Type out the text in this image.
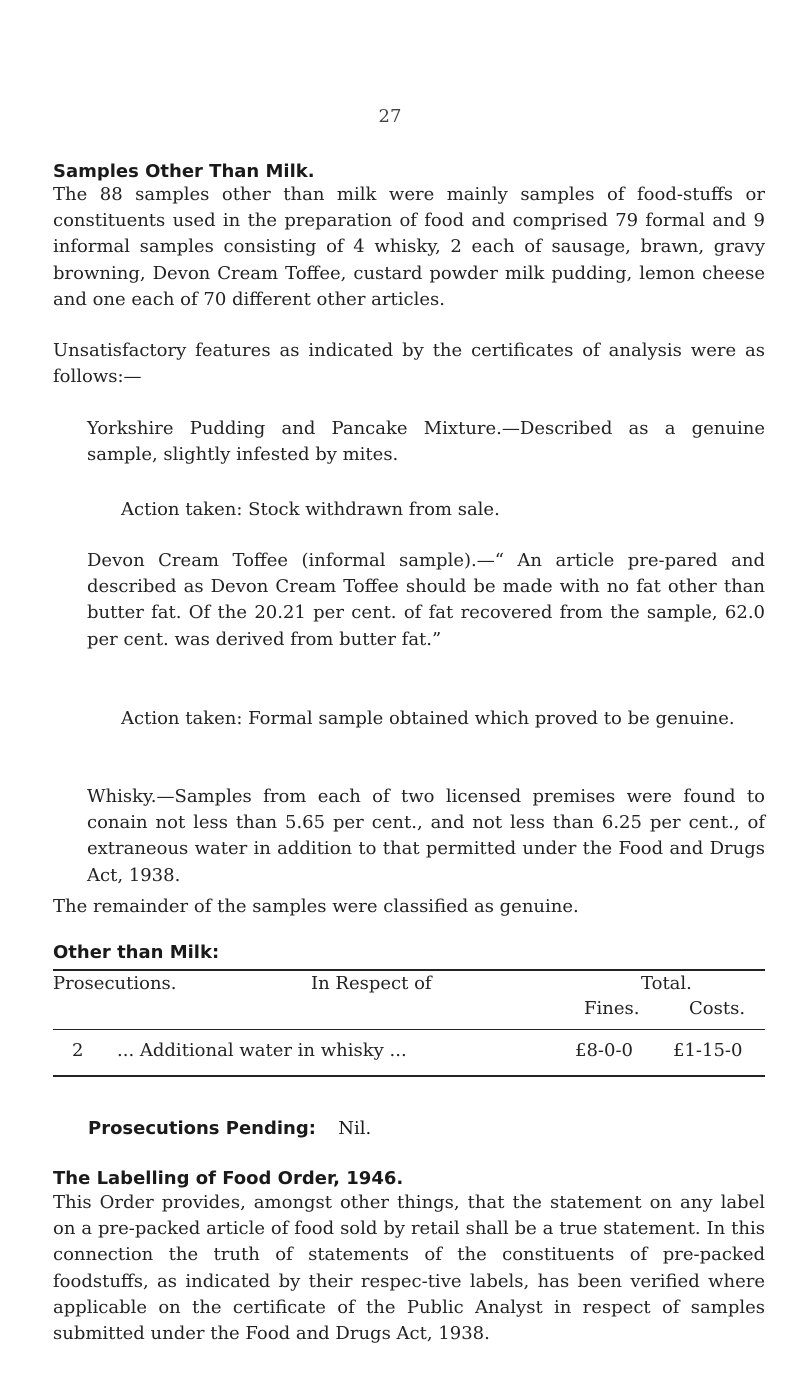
27
Samples Other Than Milk.

The 88 samples other than milk were mainly samples of food-stuffs or constituents used in the preparation of food and comprised 79 formal and 9 informal samples consisting of 4 whisky, 2 each of sausage, brawn, gravy browning, Devon Cream Toffee, custard powder milk pudding, lemon cheese and one each of 70 different other articles.

Unsatisfactory features as indicated by the certificates of analysis were as follows:—

Yorkshire Pudding and Pancake Mixture.—Described as a genuine sample, slightly infested by mites.

Action taken: Stock withdrawn from sale.

Devon Cream Toffee (informal sample).—“ An article pre-pared and described as Devon Cream Toffee should be made with no fat other than butter fat. Of the 20.21 per cent. of fat recovered from the sample, 62.0 per cent. was derived from butter fat.”

Action taken: Formal sample obtained which proved to be genuine.

Whisky.—Samples from each of two licensed premises were found to conain not less than 5.65 per cent., and not less than 6.25 per cent., of extraneous water in addition to that permitted under the Food and Drugs Act, 1938.

The remainder of the samples were classified as genuine.

Other than Milk:
Prosecutions.	In Respect of	Total.
Fines.	Costs.
2 ... Additional water in whisky ...	£8-0-0 £1-15-0
Prosecutions Pending: Nil.
The Labelling of Food Order, 1946.

This Order provides, amongst other things, that the statement on any label on a pre-packed article of food sold by retail shall be a true statement. In this connection the truth of statements of the constituents of pre-packed foodstuffs, as indicated by their respec-tive labels, has been verified where applicable on the certificate of the Public Analyst in respect of samples submitted under the Food and Drugs Act, 1938.
